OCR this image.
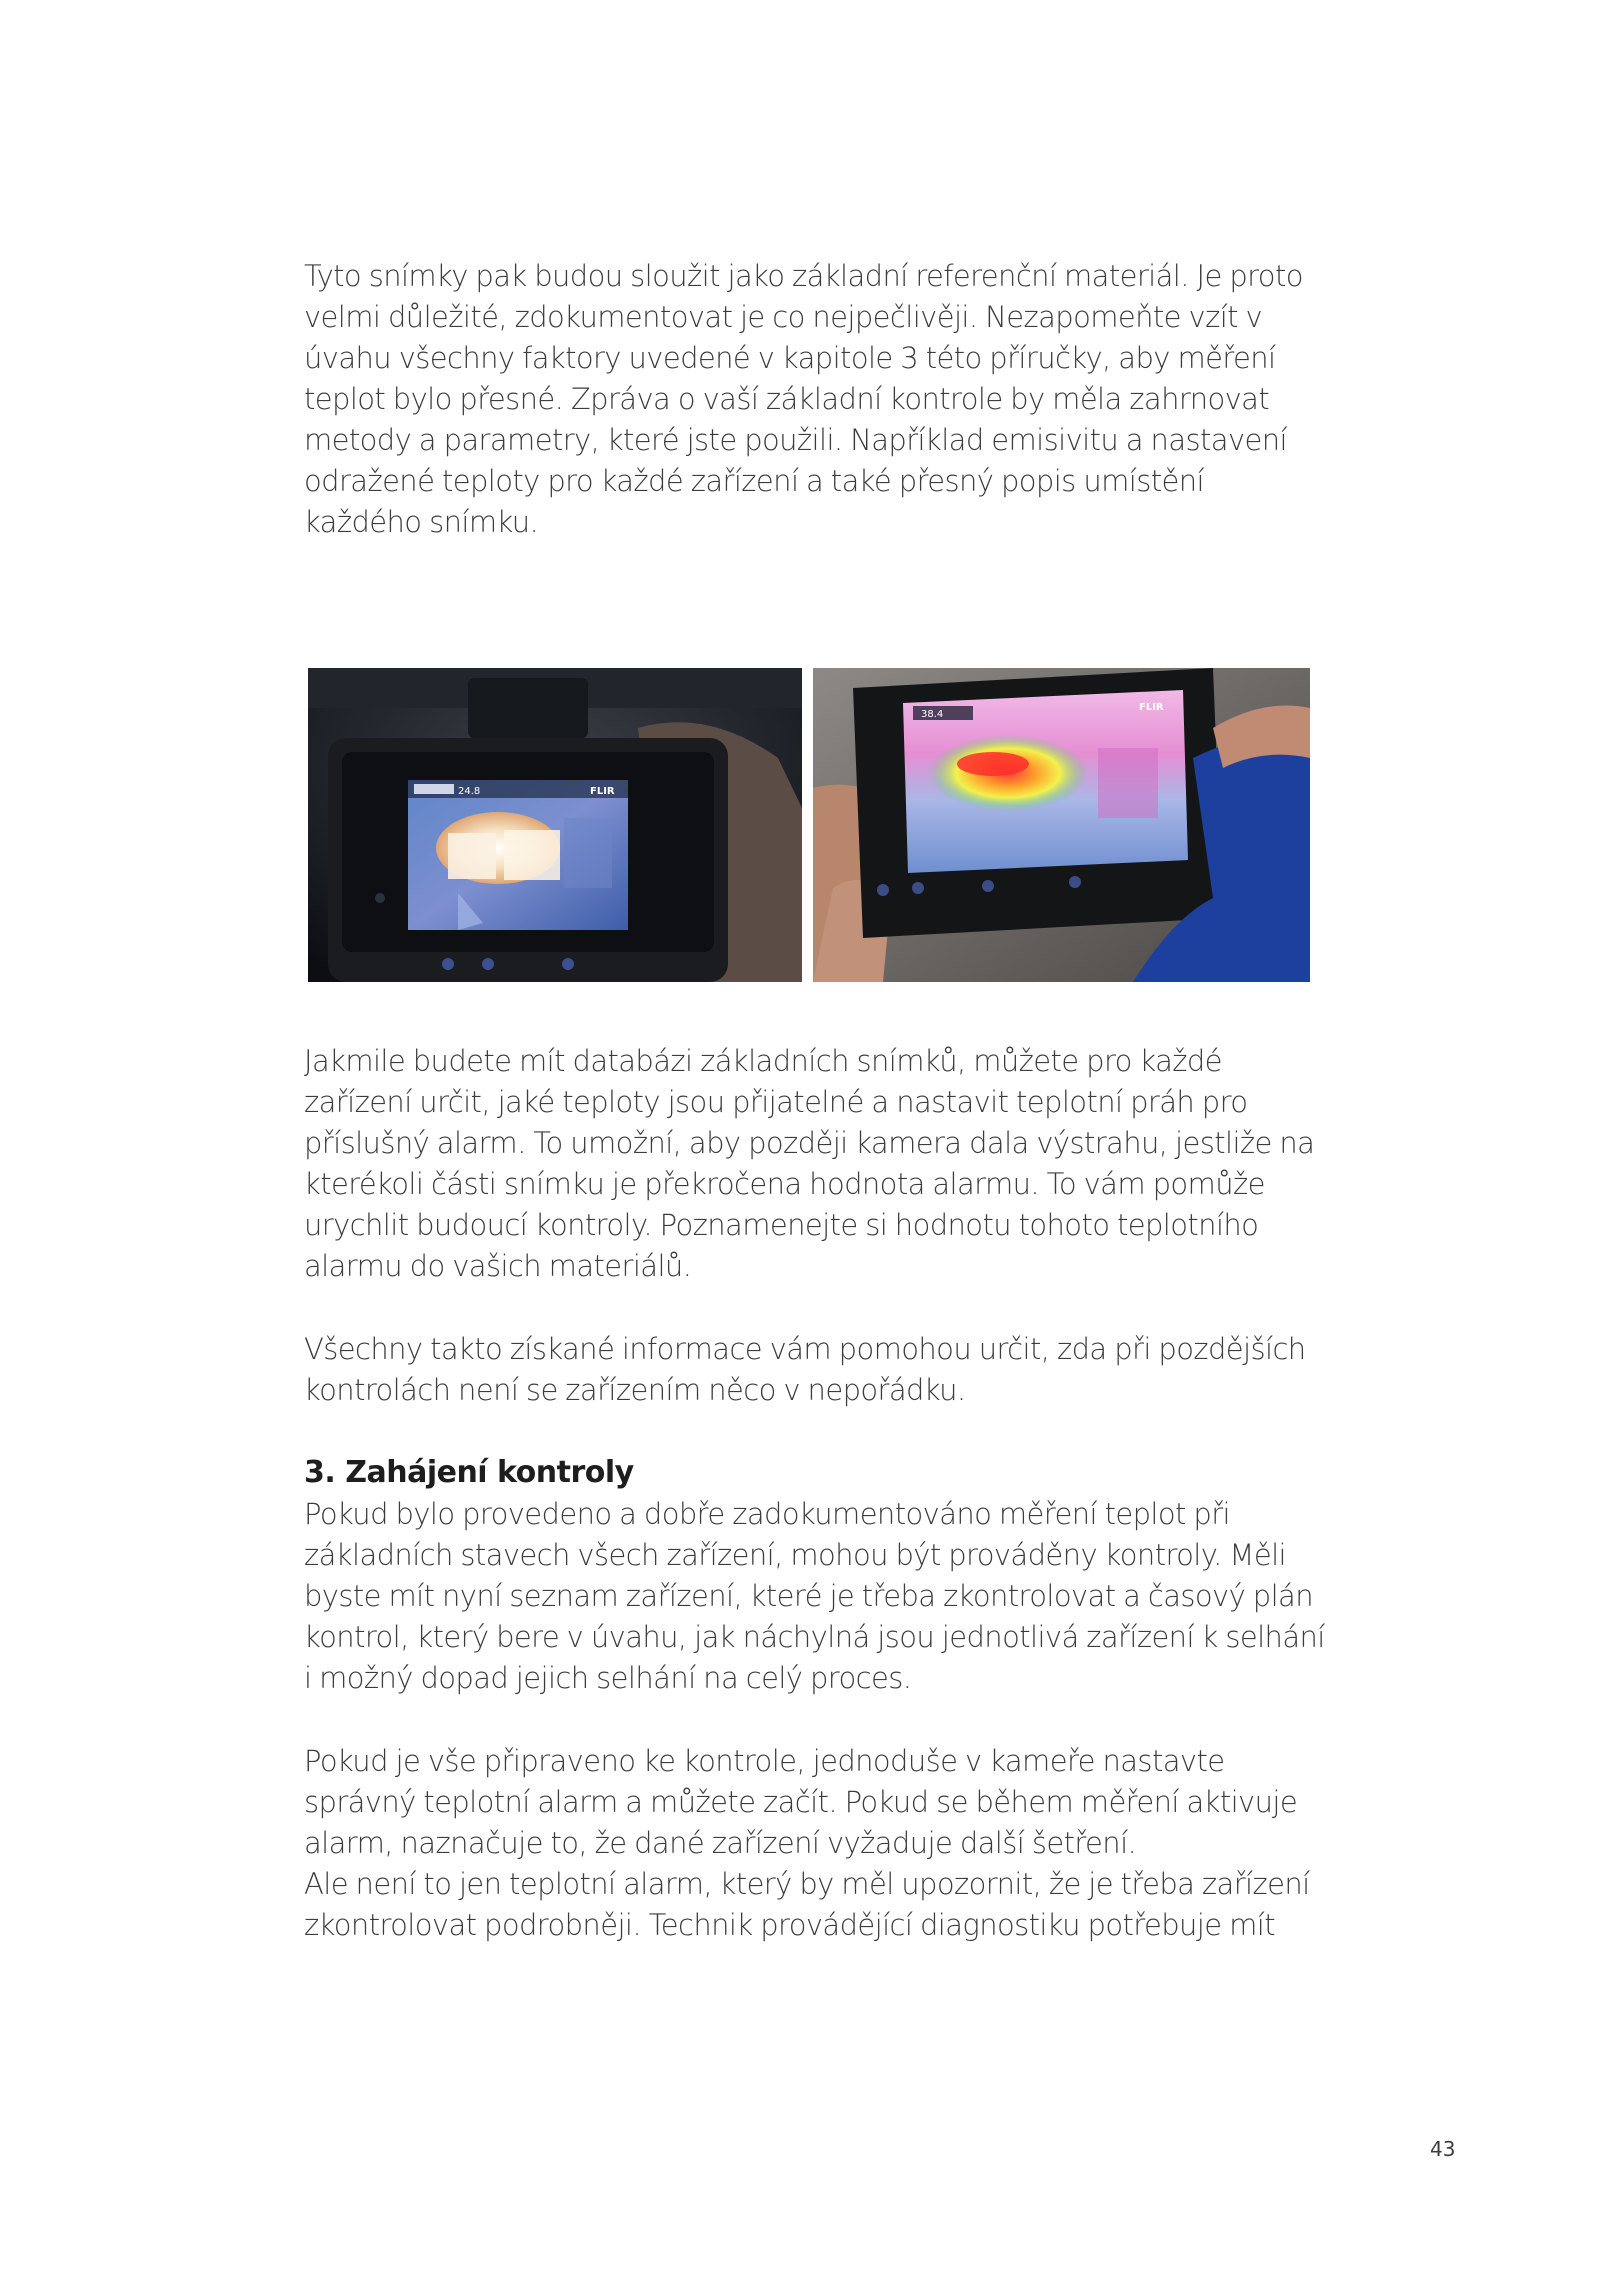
Tyto snímky pak budou sloužit jako základní referenční materiál. Je proto
velmi důležité, zdokumentovat je co nejpečlivěji. Nezapomeňte vzít v
úvahu všechny faktory uvedené v kapitole 3 této příručky, aby měření
teplot bylo přesné. Zpráva o vaší základní kontrole by měla zahrnovat
metody a parametry, které jste použili. Například emisivitu a nastavení
odražené teploty pro každé zařízení a také přesný popis umístění
každého snímku.
24.8	FLIR
38.4
FLIR
Jakmile budete mít databázi základních snímků, můžete pro každé
zařízení určit, jaké teploty jsou přijatelné a nastavit teplotní práh pro
příslušný alarm. To umožní, aby později kamera dala výstrahu, jestliže na
kterékoli části snímku je překročena hodnota alarmu. To vám pomůže
urychlit budoucí kontroly. Poznamenejte si hodnotu tohoto teplotního
alarmu do vašich materiálů.
Všechny takto získané informace vám pomohou určit, zda při pozdějších
kontrolách není se zařízením něco v nepořádku.
3. Zahájení kontroly
Pokud bylo provedeno a dobře zadokumentováno měření teplot při
základních stavech všech zařízení, mohou být prováděny kontroly. Měli
byste mít nyní seznam zařízení, které je třeba zkontrolovat a časový plán
kontrol, který bere v úvahu, jak náchylná jsou jednotlivá zařízení k selhání
i možný dopad jejich selhání na celý proces.
Pokud je vše připraveno ke kontrole, jednoduše v kameře nastavte
správný teplotní alarm a můžete začít. Pokud se během měření aktivuje
alarm, naznačuje to, že dané zařízení vyžaduje další šetření.
Ale není to jen teplotní alarm, který by měl upozornit, že je třeba zařízení
zkontrolovat podrobněji. Technik provádějící diagnostiku potřebuje mít
43
